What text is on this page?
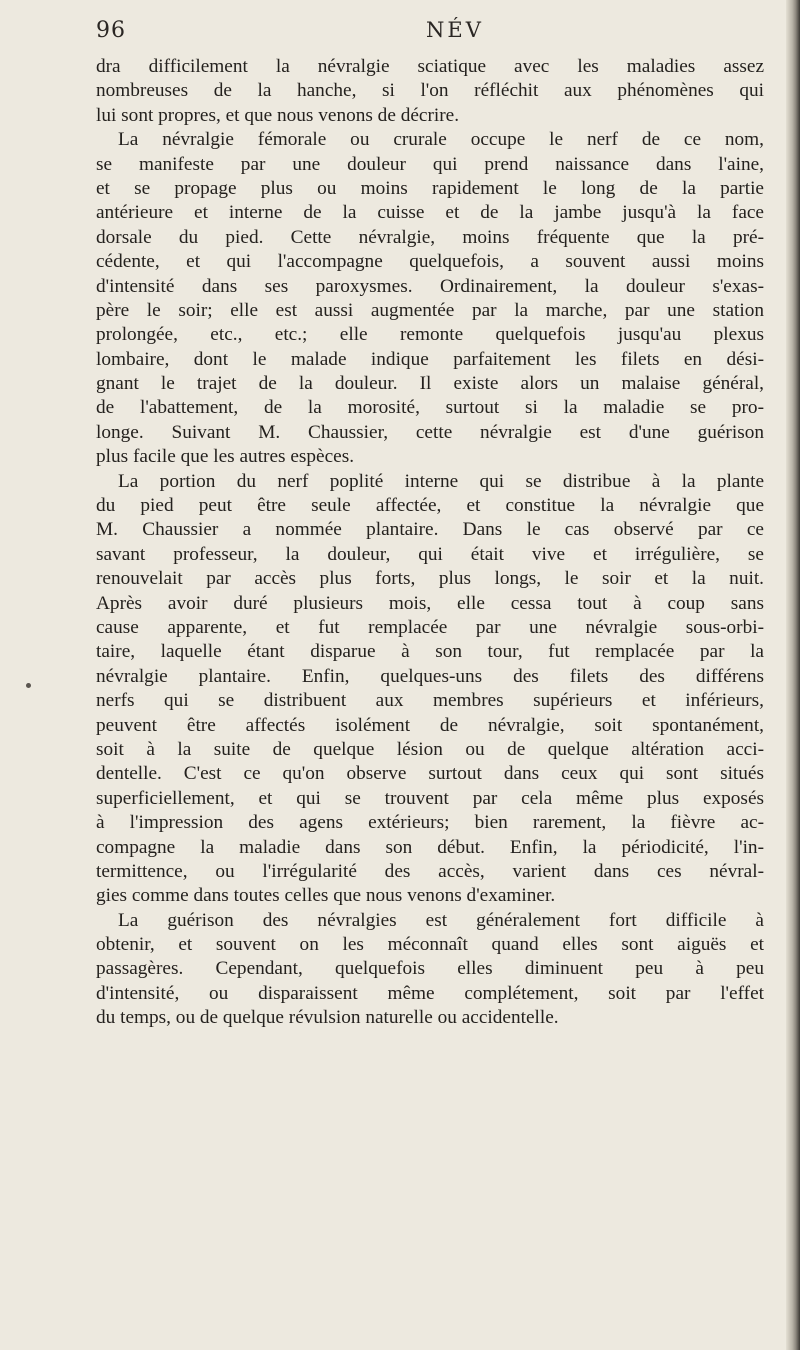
96	NÉV
dra difficilement la névralgie sciatique avec les maladies assez
nombreuses de la hanche, si l'on réfléchit aux phénomènes qui
lui sont propres, et que nous venons de décrire.
La névralgie fémorale ou crurale occupe le nerf de ce nom,
se manifeste par une douleur qui prend naissance dans l'aine,
et se propage plus ou moins rapidement le long de la partie
antérieure et interne de la cuisse et de la jambe jusqu'à la face
dorsale du pied. Cette névralgie, moins fréquente que la pré-
cédente, et qui l'accompagne quelquefois, a souvent aussi moins
d'intensité dans ses paroxysmes. Ordinairement, la douleur s'exas-
père le soir; elle est aussi augmentée par la marche, par une station
prolongée, etc., etc.; elle remonte quelquefois jusqu'au plexus
lombaire, dont le malade indique parfaitement les filets en dési-
gnant le trajet de la douleur. Il existe alors un malaise général,
de l'abattement, de la morosité, surtout si la maladie se pro-
longe. Suivant M. Chaussier, cette névralgie est d'une guérison
plus facile que les autres espèces.
La portion du nerf poplité interne qui se distribue à la plante
du pied peut être seule affectée, et constitue la névralgie que
M. Chaussier a nommée plantaire. Dans le cas observé par ce
savant professeur, la douleur, qui était vive et irrégulière, se
renouvelait par accès plus forts, plus longs, le soir et la nuit.
Après avoir duré plusieurs mois, elle cessa tout à coup sans
cause apparente, et fut remplacée par une névralgie sous-orbi-
taire, laquelle étant disparue à son tour, fut remplacée par la
névralgie plantaire. Enfin, quelques-uns des filets des différens
nerfs qui se distribuent aux membres supérieurs et inférieurs,
peuvent être affectés isolément de névralgie, soit spontanément,
soit à la suite de quelque lésion ou de quelque altération acci-
dentelle. C'est ce qu'on observe surtout dans ceux qui sont situés
superficiellement, et qui se trouvent par cela même plus exposés
à l'impression des agens extérieurs; bien rarement, la fièvre ac-
compagne la maladie dans son début. Enfin, la périodicité, l'in-
termittence, ou l'irrégularité des accès, varient dans ces névral-
gies comme dans toutes celles que nous venons d'examiner.
La guérison des névralgies est généralement fort difficile à
obtenir, et souvent on les méconnaît quand elles sont aiguës et
passagères. Cependant, quelquefois elles diminuent peu à peu
d'intensité, ou disparaissent même complétement, soit par l'effet
du temps, ou de quelque révulsion naturelle ou accidentelle.
